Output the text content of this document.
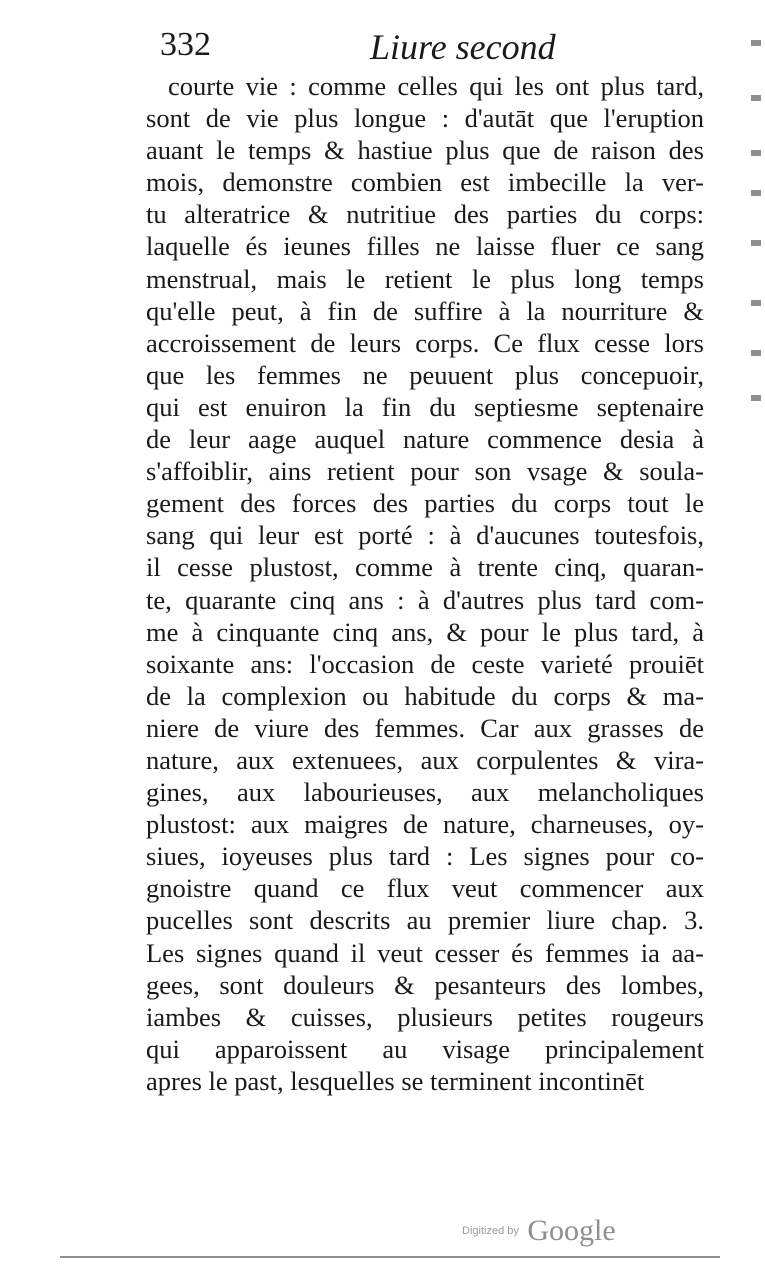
332	Liure second
courte vie : comme celles qui les ont plus tard,
sont de vie plus longue : d'autāt que l'eruption
auant le temps & hastiue plus que de raison des
mois, demonstre combien est imbecille la ver-
tu alteratrice & nutritiue des parties du corps:
laquelle és ieunes filles ne laisse fluer ce sang
menstrual, mais le retient le plus long temps
qu'elle peut, à fin de suffire à la nourriture &
accroissement de leurs corps. Ce flux cesse lors
que les femmes ne peuuent plus concepuoir,
qui est enuiron la fin du septiesme septenaire
de leur aage auquel nature commence desia à
s'affoiblir, ains retient pour son vsage & soula-
gement des forces des parties du corps tout le
sang qui leur est porté : à d'aucunes toutesfois,
il cesse plustost, comme à trente cinq, quaran-
te, quarante cinq ans : à d'autres plus tard com-
me à cinquante cinq ans, & pour le plus tard, à
soixante ans: l'occasion de ceste varieté prouiēt
de la complexion ou habitude du corps & ma-
niere de viure des femmes. Car aux grasses de
nature, aux extenuees, aux corpulentes & vira-
gines, aux labourieuses, aux melancholiques
plustost: aux maigres de nature, charneuses, oy-
siues, ioyeuses plus tard : Les signes pour co-
gnoistre quand ce flux veut commencer aux
pucelles sont descrits au premier liure chap. 3.
Les signes quand il veut cesser és femmes ia aa-
gees, sont douleurs & pesanteurs des lombes,
iambes & cuisses, plusieurs petites rougeurs
qui apparoissent au visage principalement
apres le past, lesquelles se terminent incontinēt
Digitized by Google
